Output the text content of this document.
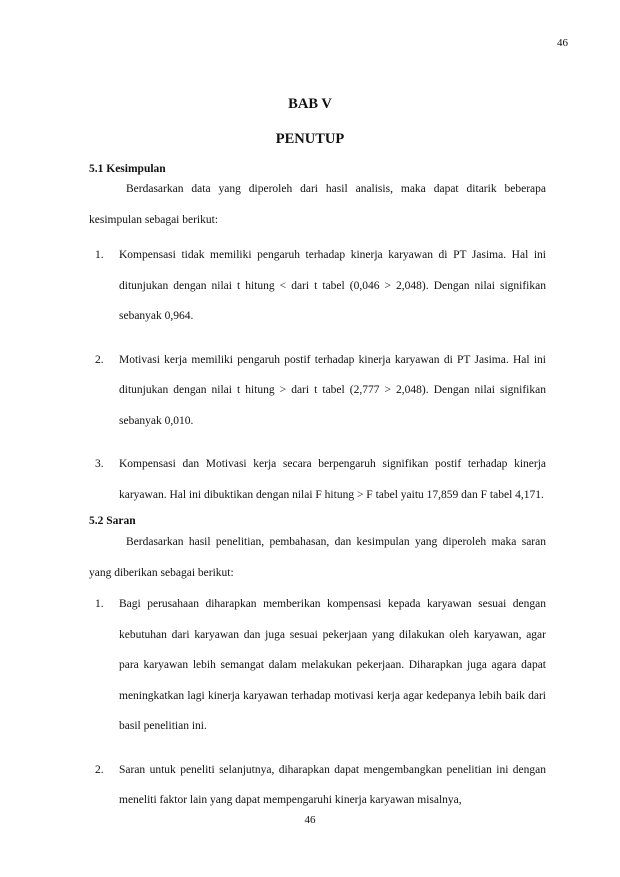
46
BAB V
PENUTUP
5.1 Kesimpulan

Berdasarkan data yang diperoleh dari hasil analisis, maka dapat ditarik beberapa kesimpulan sebagai berikut:

1. Kompensasi tidak memiliki pengaruh terhadap kinerja karyawan di PT Jasima. Hal ini ditunjukan dengan nilai t hitung < dari t tabel (0,046 > 2,048). Dengan nilai signifikan sebanyak 0,964.
2. Motivasi kerja memiliki pengaruh postif terhadap kinerja karyawan di PT Jasima. Hal ini ditunjukan dengan nilai t hitung > dari t tabel (2,777 > 2,048). Dengan nilai signifikan sebanyak 0,010.
3. Kompensasi dan Motivasi kerja secara berpengaruh signifikan postif terhadap kinerja karyawan. Hal ini dibuktikan dengan nilai F hitung > F tabel yaitu 17,859 dan F tabel 4,171.
5.2 Saran

Berdasarkan hasil penelitian, pembahasan, dan kesimpulan yang diperoleh maka saran yang diberikan sebagai berikut:

1. Bagi perusahaan diharapkan memberikan kompensasi kepada karyawan sesuai dengan kebutuhan dari karyawan dan juga sesuai pekerjaan yang dilakukan oleh karyawan, agar para karyawan lebih semangat dalam melakukan pekerjaan. Diharapkan juga agara dapat meningkatkan lagi kinerja karyawan terhadap motivasi kerja agar kedepanya lebih baik dari basil penelitian ini.
2. Saran untuk peneliti selanjutnya, diharapkan dapat mengembangkan penelitian ini dengan meneliti faktor lain yang dapat mempengaruhi kinerja karyawan misalnya,
46
